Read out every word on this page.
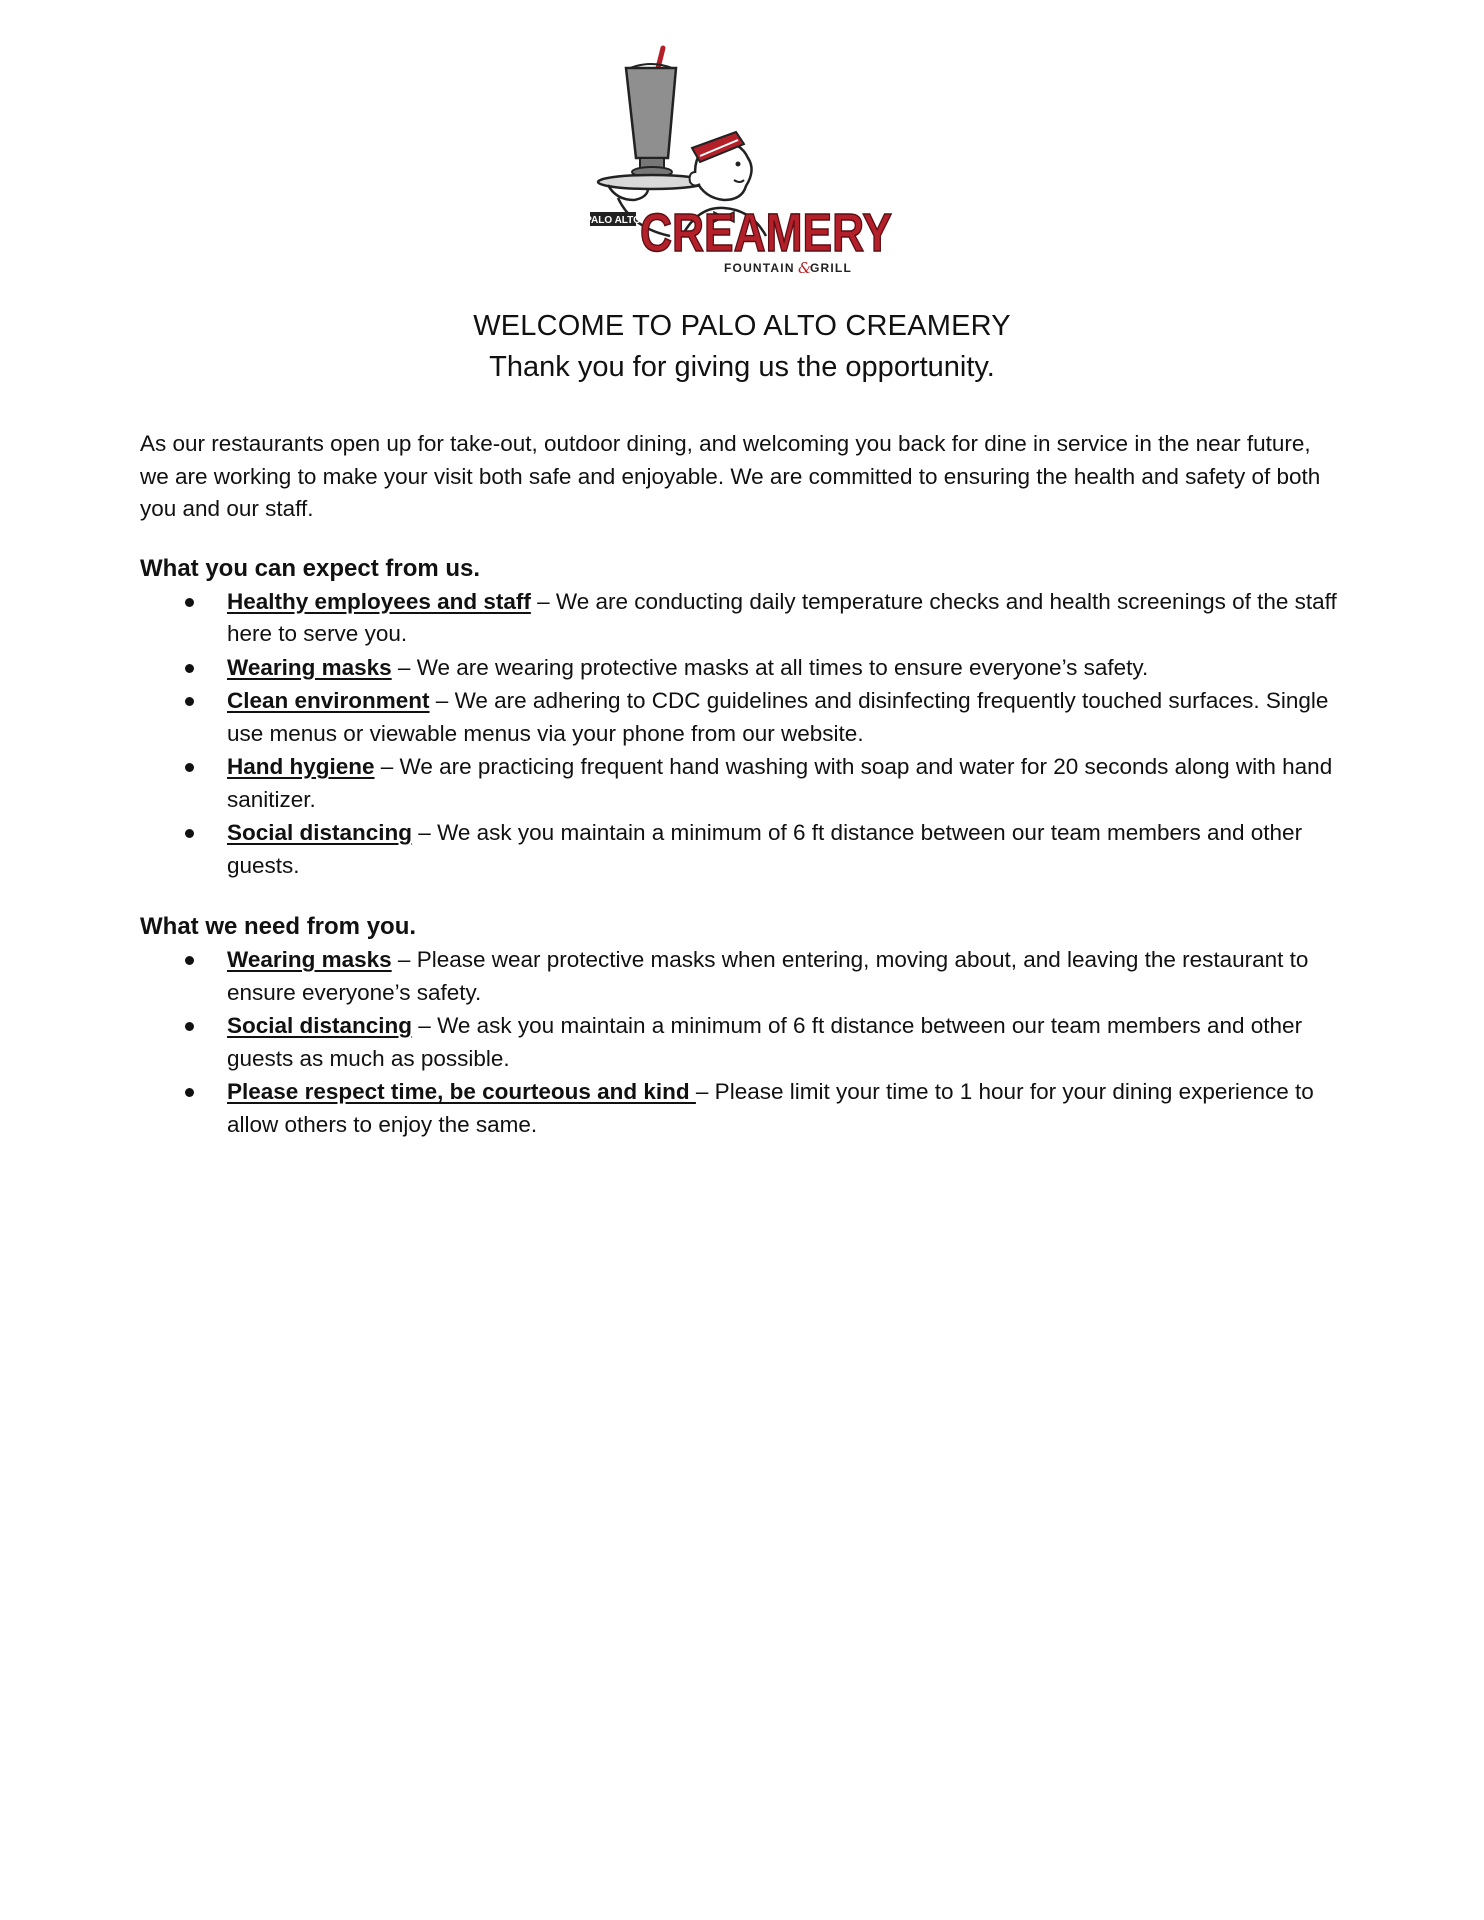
PALO ALTO CREAMERY
FOUNTAIN &
GRILL
WELCOME TO PALO ALTO CREAMERY
Thank you for giving us the opportunity.

As our restaurants open up for take-out, outdoor dining, and welcoming you back for dine in service in the near future, we are working to make your visit both safe and enjoyable. We are committed to ensuring the health and safety of both you and our staff.

What you can expect from us.
Healthy employees and staff – We are conducting daily temperature checks and health screenings of the staff here to serve you.
Wearing masks – We are wearing protective masks at all times to ensure everyone’s safety.
Clean environment – We are adhering to CDC guidelines and disinfecting frequently touched surfaces. Single use menus or viewable menus via your phone from our website.
Hand hygiene – We are practicing frequent hand washing with soap and water for 20 seconds along with hand sanitizer.
Social distancing – We ask you maintain a minimum of 6 ft distance between our team members and other guests.
What we need from you.
Wearing masks – Please wear protective masks when entering, moving about, and leaving the restaurant to ensure everyone’s safety.
Social distancing – We ask you maintain a minimum of 6 ft distance between our team members and other guests as much as possible.
Please respect time, be courteous and kind – Please limit your time to 1 hour for your dining experience to allow others to enjoy the same.
